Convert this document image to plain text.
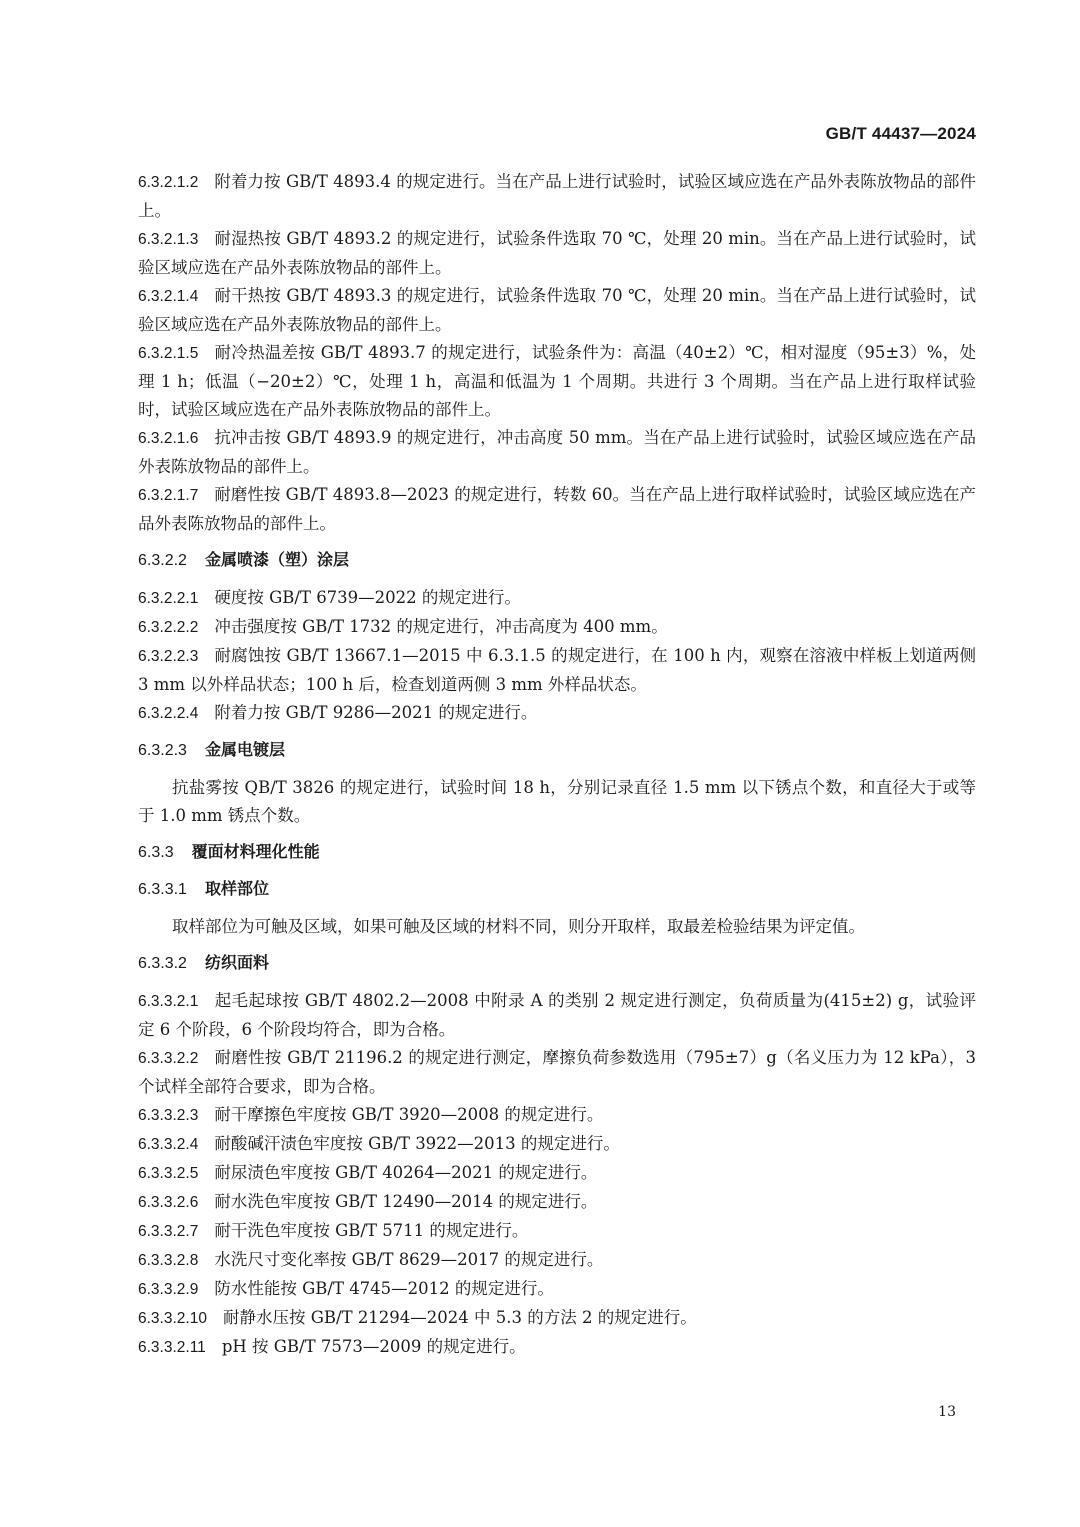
GB/T 44437—2024

6.3.2.1.2 附着力按 GB/T 4893.4 的规定进行。当在产品上进行试验时，试验区域应选在产品外表陈放物品的部件上。

6.3.2.1.3 耐湿热按 GB/T 4893.2 的规定进行，试验条件选取 70 ℃，处理 20 min。当在产品上进行试验时，试验区域应选在产品外表陈放物品的部件上。

6.3.2.1.4 耐干热按 GB/T 4893.3 的规定进行，试验条件选取 70 ℃，处理 20 min。当在产品上进行试验时，试验区域应选在产品外表陈放物品的部件上。

6.3.2.1.5 耐冷热温差按 GB/T 4893.7 的规定进行，试验条件为：高温（40±2）℃，相对湿度（95±3）%，处理 1 h；低温（−20±2）℃，处理 1 h，高温和低温为 1 个周期。共进行 3 个周期。当在产品上进行取样试验时，试验区域应选在产品外表陈放物品的部件上。

6.3.2.1.6 抗冲击按 GB/T 4893.9 的规定进行，冲击高度 50 mm。当在产品上进行试验时，试验区域应选在产品外表陈放物品的部件上。

6.3.2.1.7 耐磨性按 GB/T 4893.8—2023 的规定进行，转数 60。当在产品上进行取样试验时，试验区域应选在产品外表陈放物品的部件上。

6.3.2.2 金属喷漆（塑）涂层

6.3.2.2.1 硬度按 GB/T 6739—2022 的规定进行。

6.3.2.2.2 冲击强度按 GB/T 1732 的规定进行，冲击高度为 400 mm。

6.3.2.2.3 耐腐蚀按 GB/T 13667.1—2015 中 6.3.1.5 的规定进行，在 100 h 内，观察在溶液中样板上划道两侧 3 mm 以外样品状态；100 h 后，检查划道两侧 3 mm 外样品状态。

6.3.2.2.4 附着力按 GB/T 9286—2021 的规定进行。

6.3.2.3 金属电镀层

抗盐雾按 QB/T 3826 的规定进行，试验时间 18 h，分别记录直径 1.5 mm 以下锈点个数，和直径大于或等于 1.0 mm 锈点个数。

6.3.3 覆面材料理化性能
6.3.3.1 取样部位

取样部位为可触及区域，如果可触及区域的材料不同，则分开取样，取最差检验结果为评定值。

6.3.3.2 纺织面料

6.3.3.2.1 起毛起球按 GB/T 4802.2—2008 中附录 A 的类别 2 规定进行测定，负荷质量为(415±2) g，试验评定 6 个阶段，6 个阶段均符合，即为合格。

6.3.3.2.2 耐磨性按 GB/T 21196.2 的规定进行测定，摩擦负荷参数选用（795±7）g（名义压力为 12 kPa），3 个试样全部符合要求，即为合格。

6.3.3.2.3 耐干摩擦色牢度按 GB/T 3920—2008 的规定进行。

6.3.3.2.4 耐酸碱汗渍色牢度按 GB/T 3922—2013 的规定进行。

6.3.3.2.5 耐尿渍色牢度按 GB/T 40264—2021 的规定进行。

6.3.3.2.6 耐水洗色牢度按 GB/T 12490—2014 的规定进行。

6.3.3.2.7 耐干洗色牢度按 GB/T 5711 的规定进行。

6.3.3.2.8 水洗尺寸变化率按 GB/T 8629—2017 的规定进行。

6.3.3.2.9 防水性能按 GB/T 4745—2012 的规定进行。

6.3.3.2.10 耐静水压按 GB/T 21294—2024 中 5.3 的方法 2 的规定进行。

6.3.3.2.11 pH 按 GB/T 7573—2009 的规定进行。

13
